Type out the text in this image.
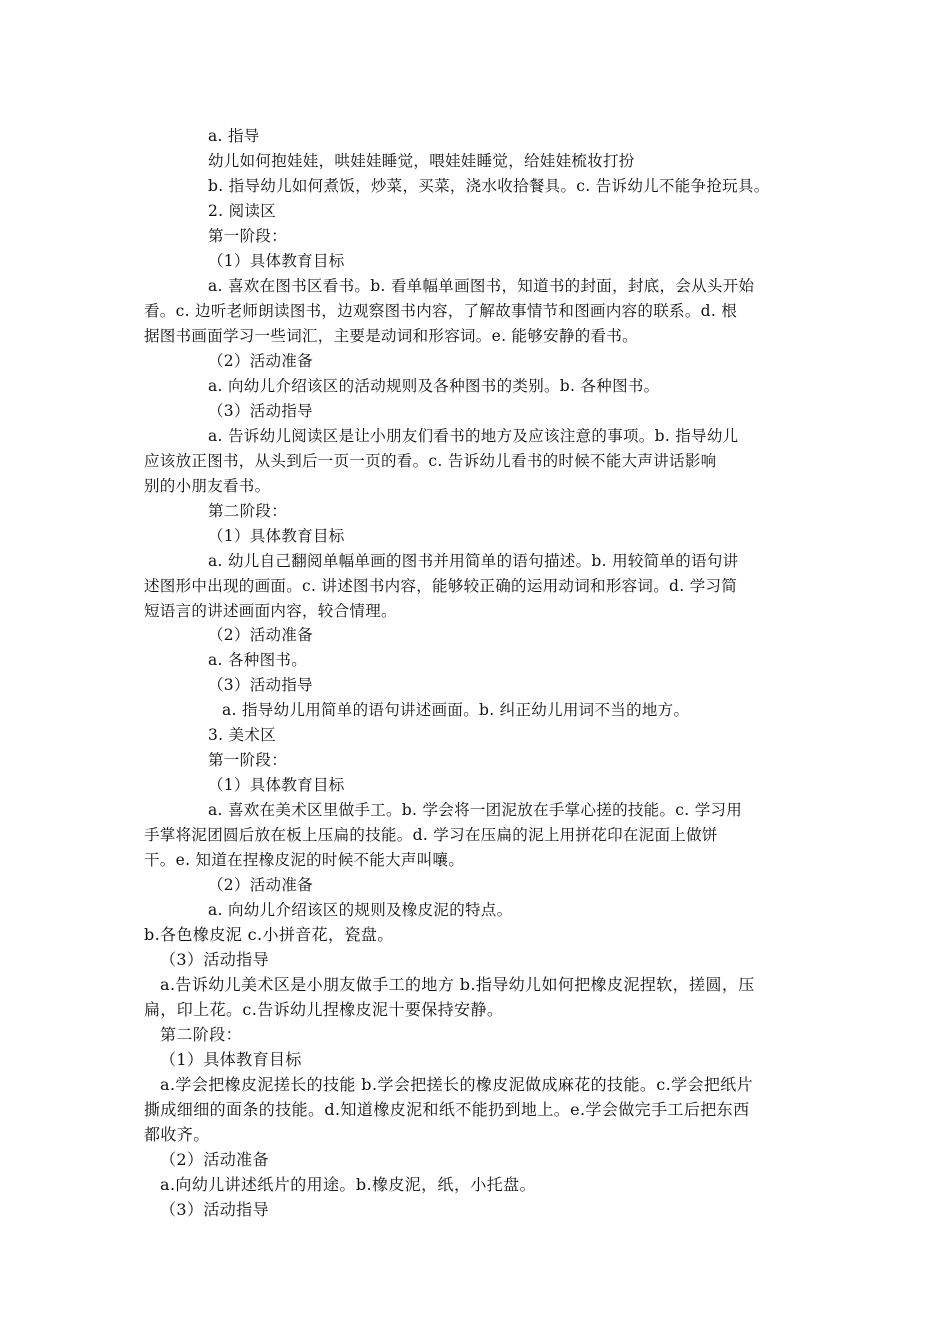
a. 指导
幼儿如何抱娃娃，哄娃娃睡觉，喂娃娃睡觉，给娃娃梳妆打扮
b. 指导幼儿如何煮饭，炒菜，买菜，浇水收拾餐具。c. 告诉幼儿不能争抢玩具。
2. 阅读区
第一阶段：
（1）具体教育目标
a. 喜欢在图书区看书。b. 看单幅单画图书，知道书的封面，封底，会从头开始
看。c. 边听老师朗读图书，边观察图书内容，了解故事情节和图画内容的联系。d. 根
据图书画面学习一些词汇，主要是动词和形容词。e. 能够安静的看书。
（2）活动准备
a. 向幼儿介绍该区的活动规则及各种图书的类别。b. 各种图书。
（3）活动指导
a. 告诉幼儿阅读区是让小朋友们看书的地方及应该注意的事项。b. 指导幼儿
应该放正图书，从头到后一页一页的看。c. 告诉幼儿看书的时候不能大声讲话影响
别的小朋友看书。
第二阶段：
（1）具体教育目标
a. 幼儿自己翻阅单幅单画的图书并用简单的语句描述。b. 用较简单的语句讲
述图形中出现的画面。c. 讲述图书内容，能够较正确的运用动词和形容词。d. 学习简
短语言的讲述画面内容，较合情理。
（2）活动准备
a. 各种图书。
（3）活动指导
a. 指导幼儿用简单的语句讲述画面。b. 纠正幼儿用词不当的地方。
3. 美术区
第一阶段：
（1）具体教育目标
a. 喜欢在美术区里做手工。b. 学会将一团泥放在手掌心搓的技能。c. 学习用
手掌将泥团圆后放在板上压扁的技能。d. 学习在压扁的泥上用拼花印在泥面上做饼
干。e. 知道在捏橡皮泥的时候不能大声叫嚷。
（2）活动准备
a. 向幼儿介绍该区的规则及橡皮泥的特点。
b.各色橡皮泥 c.小拼音花，瓷盘。
（3）活动指导
a.告诉幼儿美术区是小朋友做手工的地方 b.指导幼儿如何把橡皮泥捏软，搓圆，压
扁，印上花。c.告诉幼儿捏橡皮泥十要保持安静。
第二阶段：
（1）具体教育目标
a.学会把橡皮泥搓长的技能 b.学会把搓长的橡皮泥做成麻花的技能。c.学会把纸片
撕成细细的面条的技能。d.知道橡皮泥和纸不能扔到地上。e.学会做完手工后把东西
都收齐。
（2）活动准备
a.向幼儿讲述纸片的用途。b.橡皮泥，纸，小托盘。
（3）活动指导
